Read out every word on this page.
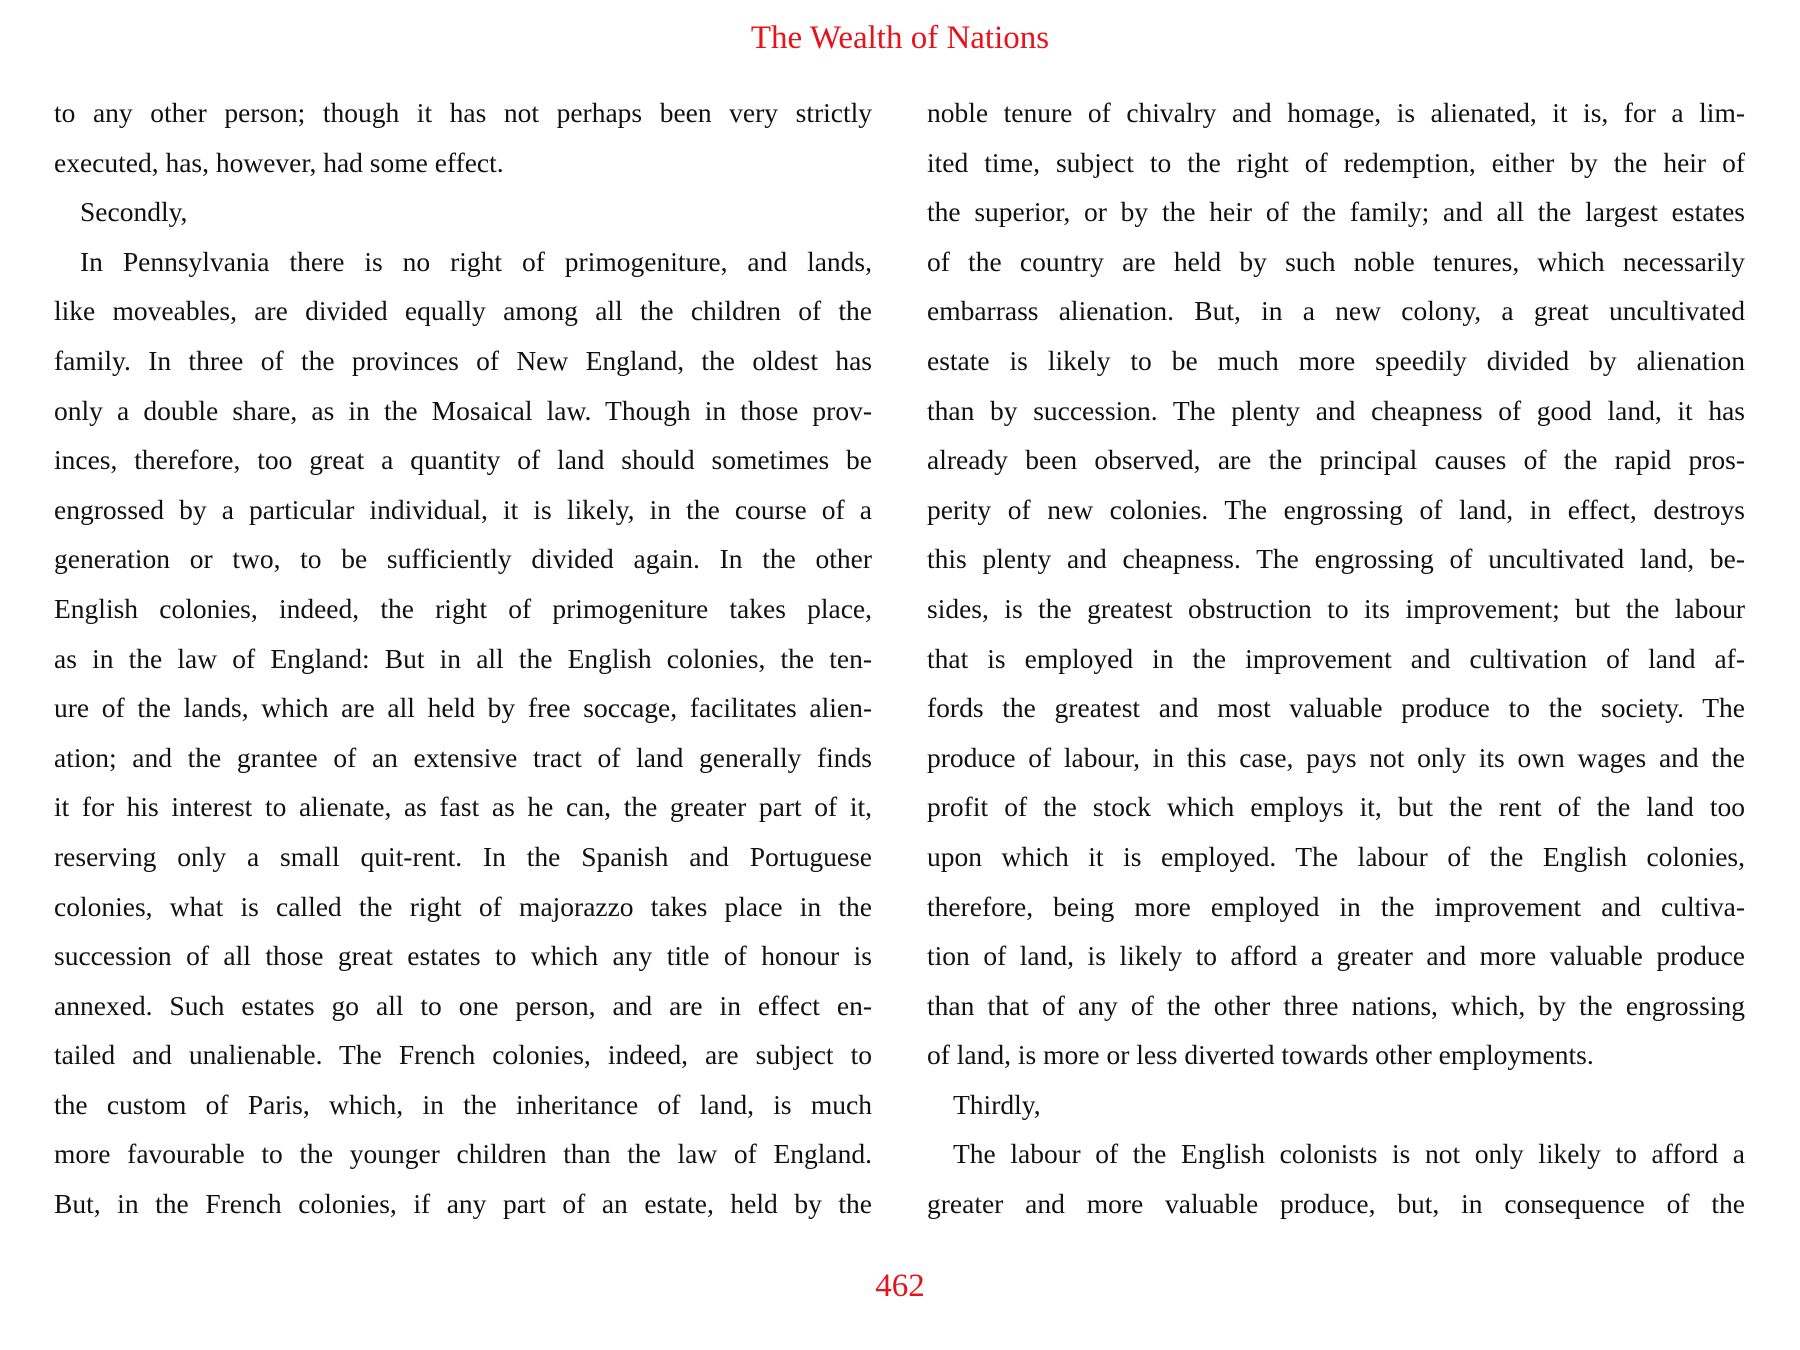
The Wealth of Nations
to any other person; though it has not perhaps been very strictly
executed, has, however, had some effect.
Secondly,
In Pennsylvania there is no right of primogeniture, and lands,
like moveables, are divided equally among all the children of the
family. In three of the provinces of New England, the oldest has
only a double share, as in the Mosaical law. Though in those prov-
inces, therefore, too great a quantity of land should sometimes be
engrossed by a particular individual, it is likely, in the course of a
generation or two, to be sufficiently divided again. In the other
English colonies, indeed, the right of primogeniture takes place,
as in the law of England: But in all the English colonies, the ten-
ure of the lands, which are all held by free soccage, facilitates alien-
ation; and the grantee of an extensive tract of land generally finds
it for his interest to alienate, as fast as he can, the greater part of it,
reserving only a small quit-rent. In the Spanish and Portuguese
colonies, what is called the right of majorazzo takes place in the
succession of all those great estates to which any title of honour is
annexed. Such estates go all to one person, and are in effect en-
tailed and unalienable. The French colonies, indeed, are subject to
the custom of Paris, which, in the inheritance of land, is much
more favourable to the younger children than the law of England.
But, in the French colonies, if any part of an estate, held by the
noble tenure of chivalry and homage, is alienated, it is, for a lim-
ited time, subject to the right of redemption, either by the heir of
the superior, or by the heir of the family; and all the largest estates
of the country are held by such noble tenures, which necessarily
embarrass alienation. But, in a new colony, a great uncultivated
estate is likely to be much more speedily divided by alienation
than by succession. The plenty and cheapness of good land, it has
already been observed, are the principal causes of the rapid pros-
perity of new colonies. The engrossing of land, in effect, destroys
this plenty and cheapness. The engrossing of uncultivated land, be-
sides, is the greatest obstruction to its improvement; but the labour
that is employed in the improvement and cultivation of land af-
fords the greatest and most valuable produce to the society. The
produce of labour, in this case, pays not only its own wages and the
profit of the stock which employs it, but the rent of the land too
upon which it is employed. The labour of the English colonies,
therefore, being more employed in the improvement and cultiva-
tion of land, is likely to afford a greater and more valuable produce
than that of any of the other three nations, which, by the engrossing
of land, is more or less diverted towards other employments.
Thirdly,
The labour of the English colonists is not only likely to afford a
greater and more valuable produce, but, in consequence of the
462
